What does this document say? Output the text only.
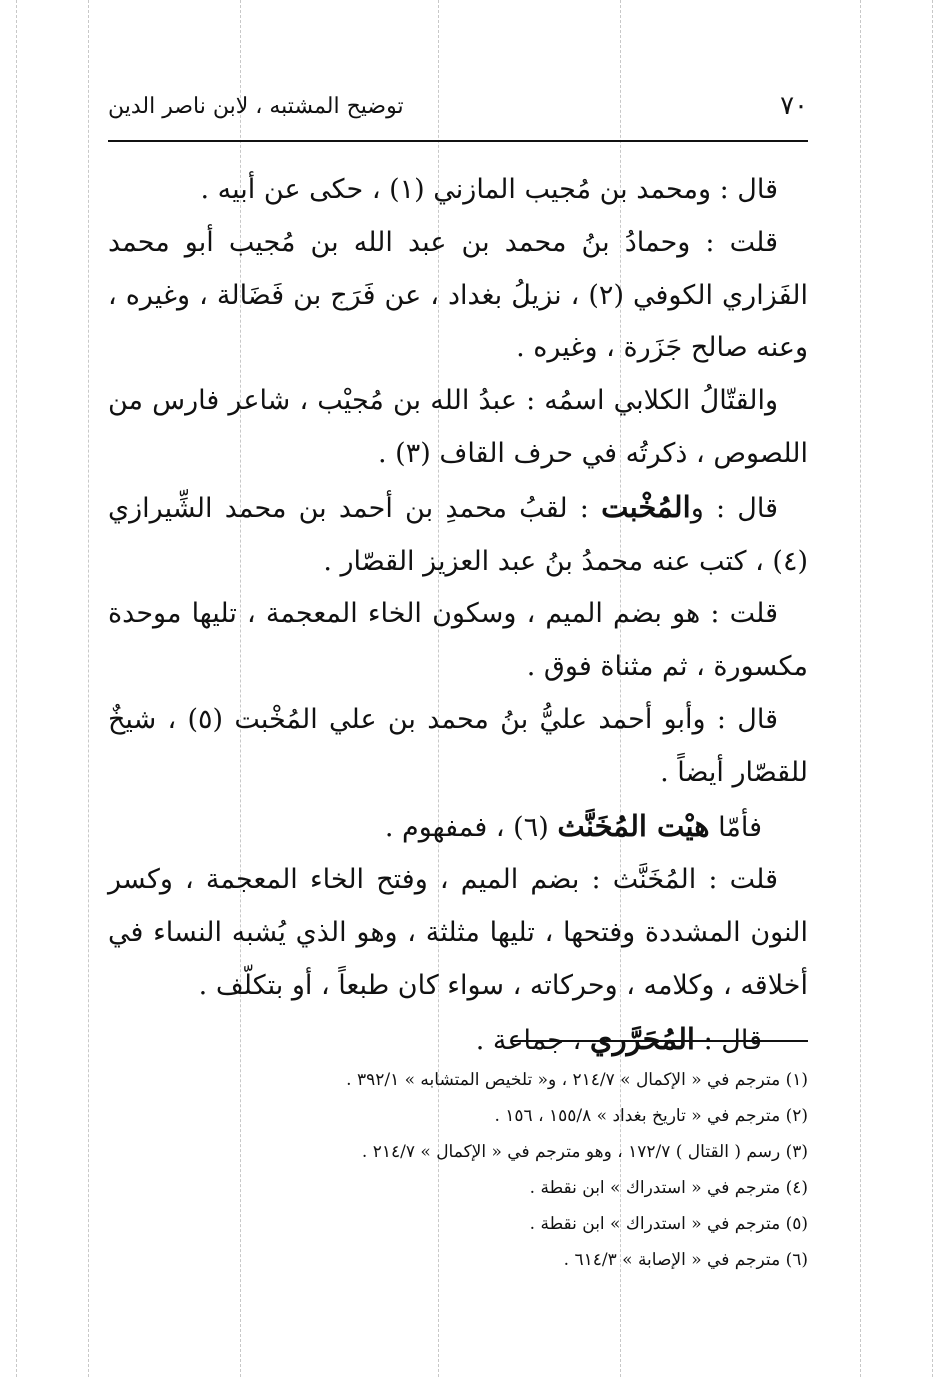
٧٠
توضيح المشتبه ، لابن ناصر الدين

قال : ومحمد بن مُجيب المازني (١) ، حكى عن أبيه .

قلت : وحمادُ بنُ محمد بن عبد الله بن مُجيب أبو محمد الفَزاري الكوفي (٢) ، نزيلُ بغداد ، عن فَرَج بن فَضَالة ، وغيره ، وعنه صالح جَزَرة ، وغيره .

والقتّالُ الكلابي اسمُه : عبدُ الله بن مُجيْب ، شاعر فارس من اللصوص ، ذكرتُه في حرف القاف (٣) .

قال : والمُخْبت : لقبُ محمدِ بن أحمد بن محمد الشِّيرازي (٤) ، كتب عنه محمدُ بنُ عبد العزيز القصّار .

قلت : هو بضم الميم ، وسكون الخاء المعجمة ، تليها موحدة مكسورة ، ثم مثناة فوق .

قال : وأبو أحمد عليُّ بنُ محمد بن علي المُخْبت (٥) ، شيخٌ للقصّار أيضاً .

فأمّا هيْت المُخَنَّث (٦) ، فمفهوم .

قلت : المُخَنَّث : بضم الميم ، وفتح الخاء المعجمة ، وكسر النون المشددة وفتحها ، تليها مثلثة ، وهو الذي يُشبه النساء في أخلاقه ، وكلامه ، وحركاته ، سواء كان طبعاً ، أو بتكلّف .

قال : المُحَرَّري ، جماعة .

(١) مترجم في « الإكمال » ٢١٤/٧ ، و« تلخيص المتشابه » ٣٩٢/١ .
(٢) مترجم في « تاريخ بغداد » ١٥٥/٨ ، ١٥٦ .
(٣) رسم ( القتال ) ١٧٢/٧ ، وهو مترجم في « الإكمال » ٢١٤/٧ .
(٤) مترجم في « استدراك » ابن نقطة .
(٥) مترجم في « استدراك » ابن نقطة .
(٦) مترجم في « الإصابة » ٦١٤/٣ .
